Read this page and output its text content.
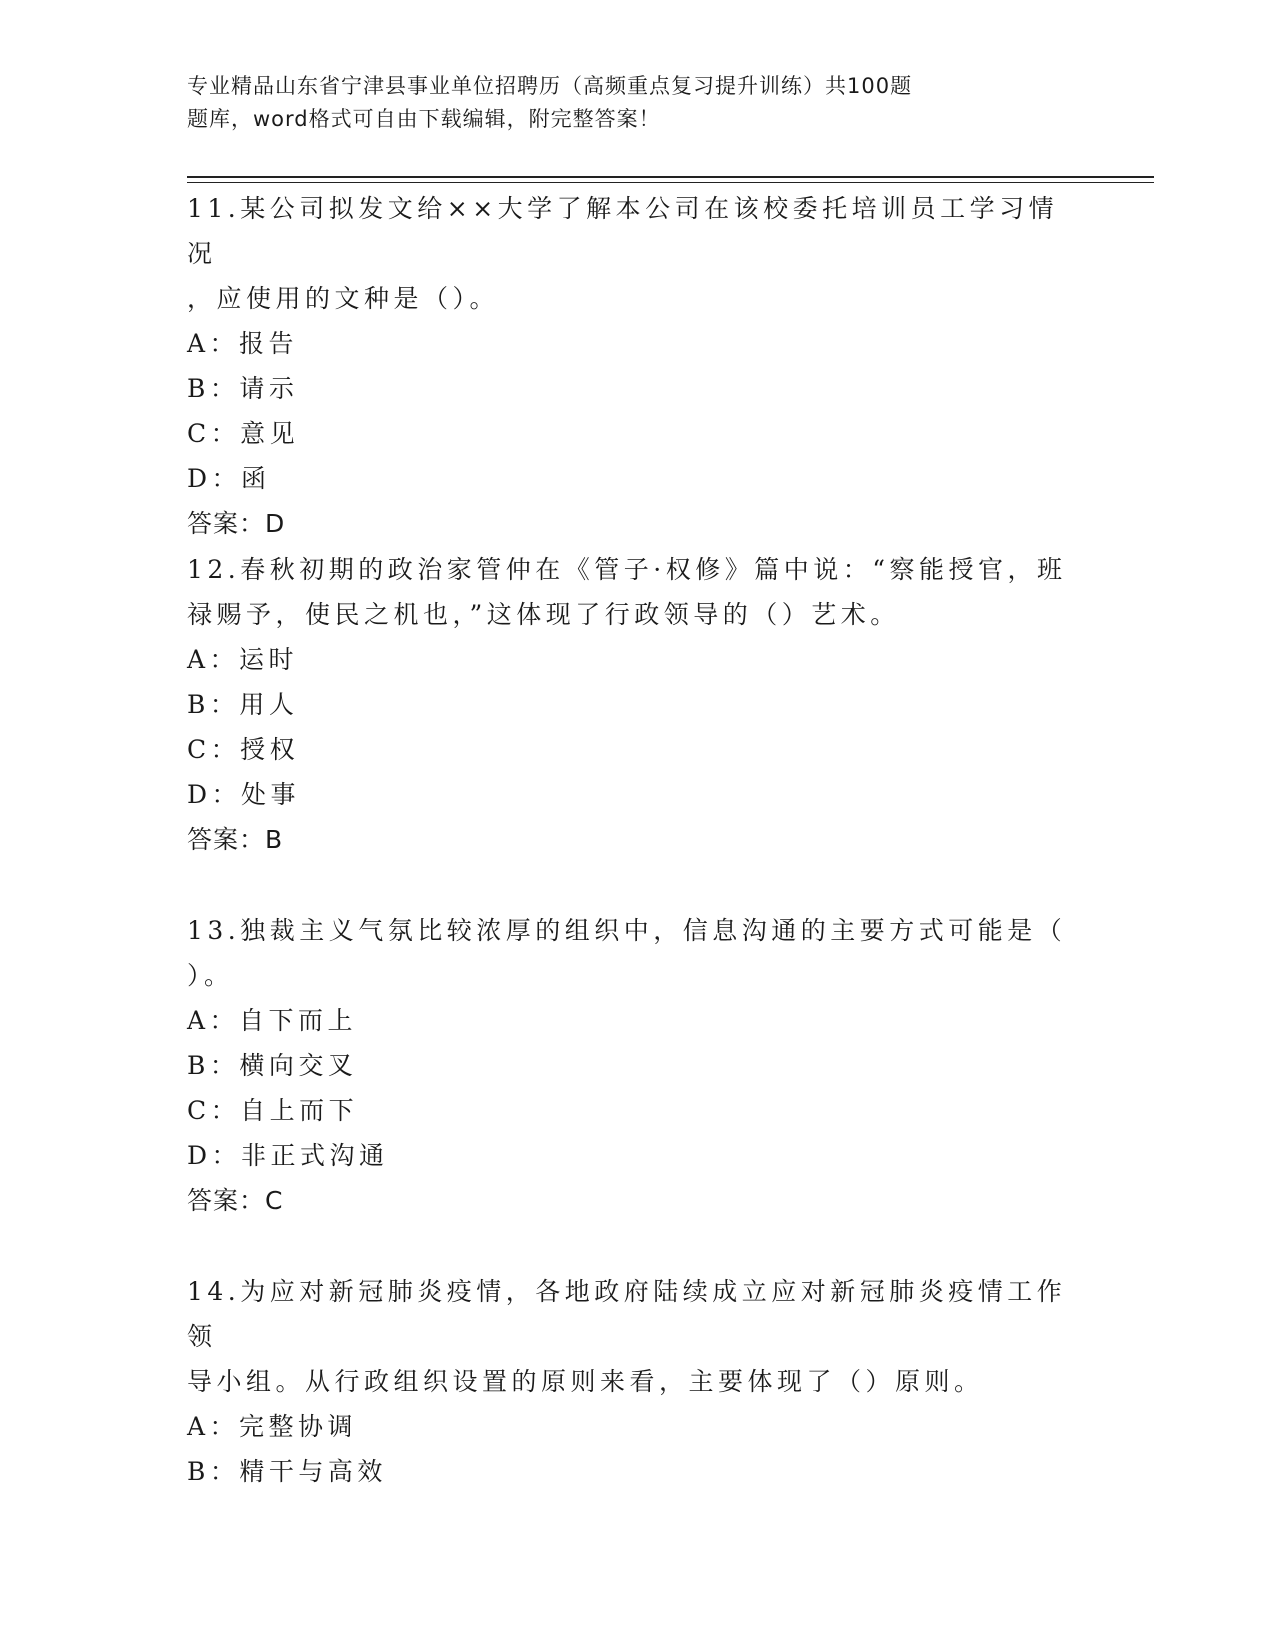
专业精品山东省宁津县事业单位招聘历（高频重点复习提升训练）共100题
题库，word格式可自由下载编辑，附完整答案！
11.某公司拟发文给××大学了解本公司在该校委托培训员工学习情况
，应使用的文种是（）。
A：报告
B：请示
C：意见
D：函
答案：D
12.春秋初期的政治家管仲在《管子·权修》篇中说：“察能授官，班
禄赐予，使民之机也，”这体现了行政领导的（）艺术。
A：运时
B：用人
C：授权
D：处事
答案：B
13.独裁主义气氛比较浓厚的组织中，信息沟通的主要方式可能是（
）。
A：自下而上
B：横向交叉
C：自上而下
D：非正式沟通
答案：C
14.为应对新冠肺炎疫情，各地政府陆续成立应对新冠肺炎疫情工作领
导小组。从行政组织设置的原则来看，主要体现了（）原则。
A：完整协调
B：精干与高效
